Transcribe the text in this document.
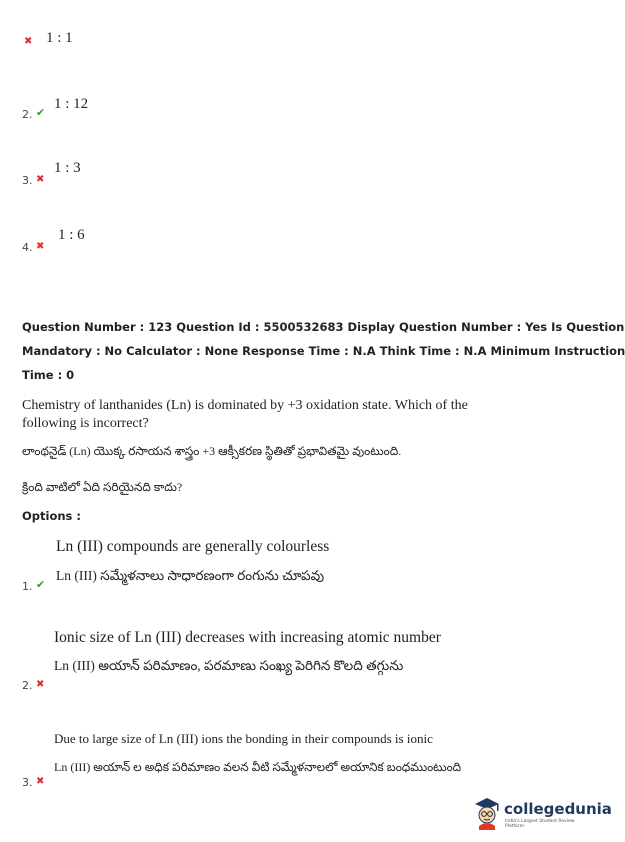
✖ 1 : 1
2. ✔
1 : 12
3. ✖
1 : 3
4. ✖
1 : 6
Question Number : 123 Question Id : 5500532683 Display Question Number : Yes Is Question
Mandatory : No Calculator : None Response Time : N.A Think Time : N.A Minimum Instruction
Time : 0
Chemistry of lanthanides (Ln) is dominated by +3 oxidation state. Which of the
following is incorrect?
లాంథనైడ్ (Ln) యొక్క రసాయన శాస్త్రం +3 ఆక్సీకరణ స్థితితో ప్రభావితమై వుంటుంది.
క్రింది వాటిలో ఏది సరియైనది కాదు?
Options :
Ln (III) compounds are generally colourless
1. ✔
Ln (III) సమ్మేళనాలు సాధారణంగా రంగును చూపవు
Ionic size of Ln (III) decreases with increasing atomic number
2. ✖
Ln (III) అయాన్ పరిమాణం, పరమాణు సంఖ్య పెరిగిన కొలది తగ్గును
Due to large size of Ln (III) ions the bonding in their compounds is ionic
3. ✖
Ln (III) అయాన్ ల అధిక పరిమాణం వలన వీటి సమ్మేళనాలలో అయానిక బంధముంటుంది
collegedunia
India's Largest Student Review Platform
